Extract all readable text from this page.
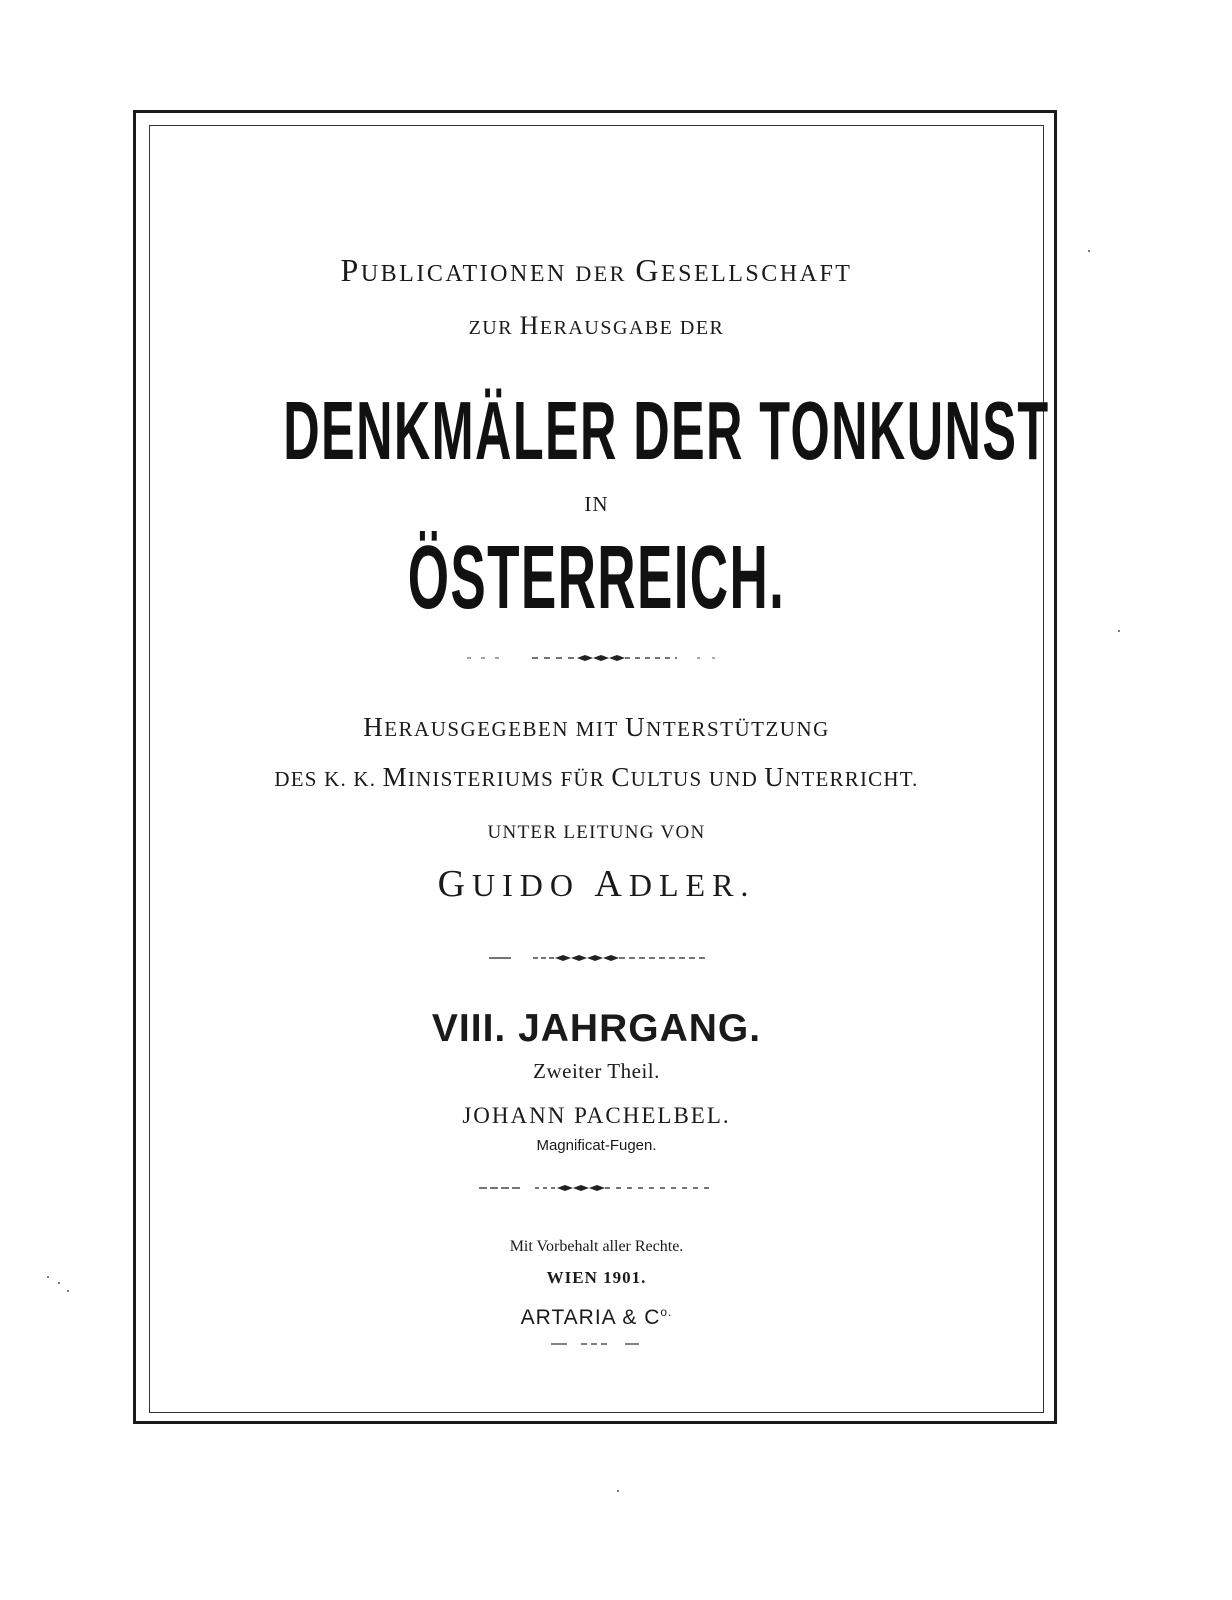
PUBLICATIONEN DER GESELLSCHAFT
ZUR HERAUSGABE DER
DENKMÄLER DER TONKUNST
IN
ÖSTERREICH.
HERAUSGEGEBEN MIT UNTERSTÜTZUNG
DES K. K. MINISTERIUMS FÜR CULTUS UND UNTERRICHT.
UNTER LEITUNG VON
GUIDO ADLER.
VIII. JAHRGANG.
Zweiter Theil.
JOHANN PACHELBEL.
Magnificat-Fugen.
Mit Vorbehalt aller Rechte.
WIEN 1901.
ARTARIA & $C^{o.}$
